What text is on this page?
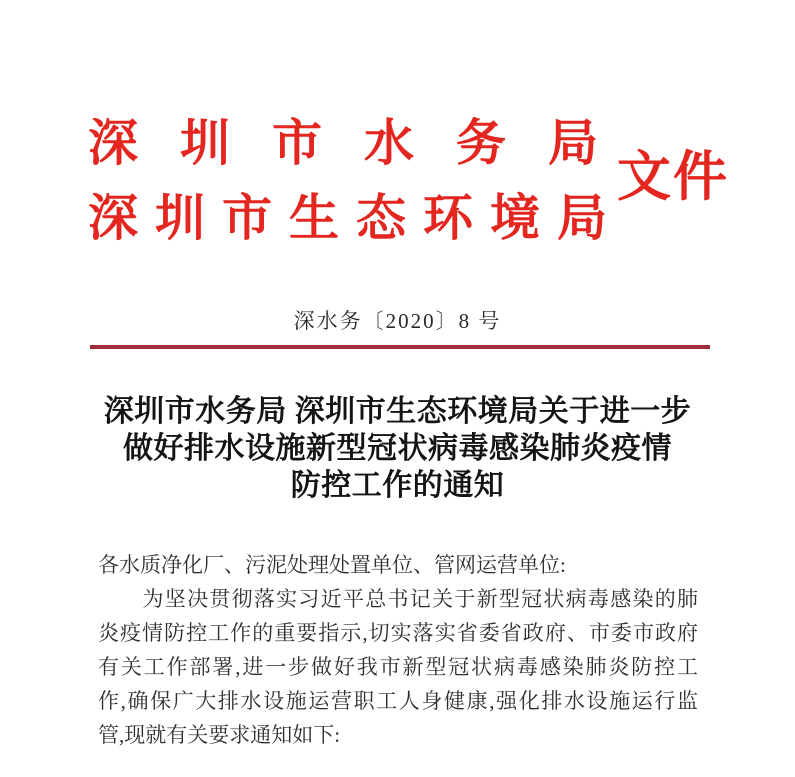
深圳市水务局
深圳市生态环境局
文件
深水务〔2020〕8 号
深圳市水务局 深圳市生态环境局关于进一步
做好排水设施新型冠状病毒感染肺炎疫情
防控工作的通知
各水质净化厂、污泥处理处置单位、管网运营单位:
　　为坚决贯彻落实习近平总书记关于新型冠状病毒感染的肺
炎疫情防控工作的重要指示,切实落实省委省政府、市委市政府
有关工作部署,进一步做好我市新型冠状病毒感染肺炎防控工
作,确保广大排水设施运营职工人身健康,强化排水设施运行监
管,现就有关要求通知如下:
